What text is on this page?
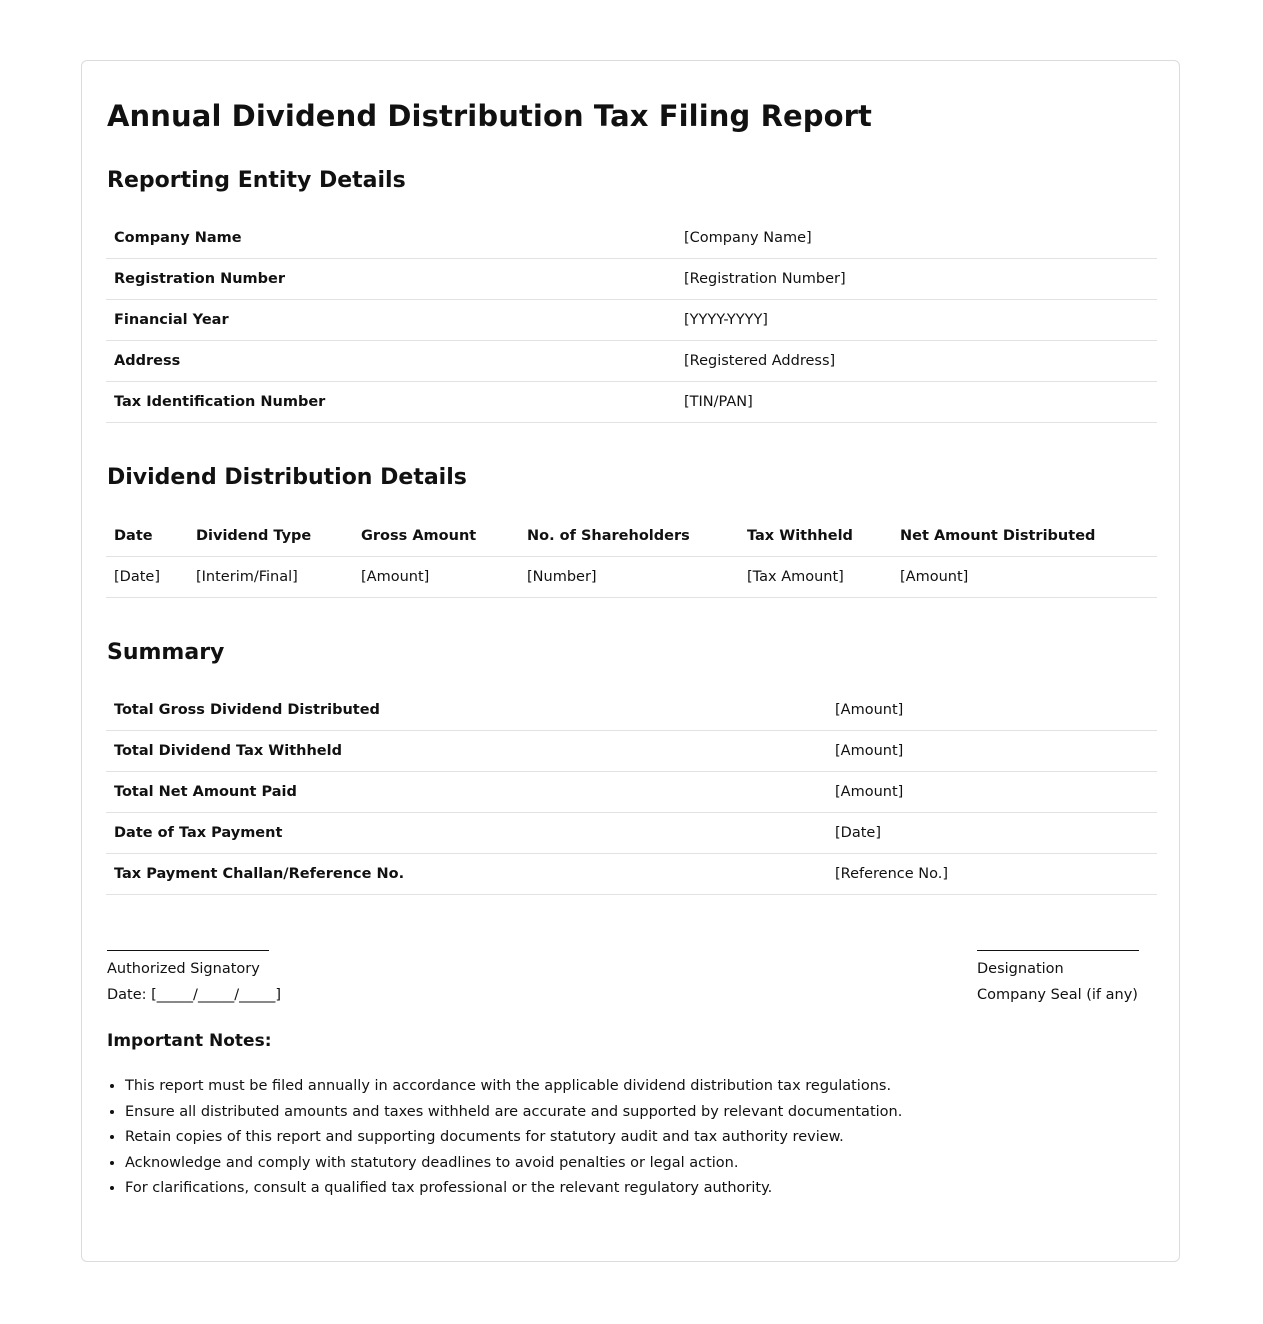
Annual Dividend Distribution Tax Filing Report
Reporting Entity Details
Company Name	[Company Name]
Registration Number	[Registration Number]
Financial Year	[YYYY-YYYY]
Address	[Registered Address]
Tax Identification Number	[TIN/PAN]
Dividend Distribution Details
Date	Dividend Type	Gross Amount	No. of Shareholders	Tax Withheld	Net Amount Distributed
[Date]	[Interim/Final]	[Amount]	[Number]	[Tax Amount]	[Amount]
Summary
Total Gross Dividend Distributed	[Amount]
Total Dividend Tax Withheld	[Amount]
Total Net Amount Paid	[Amount]
Date of Tax Payment	[Date]
Tax Payment Challan/Reference No.	[Reference No.]
Authorized Signatory
Date: [_____/_____/_____]
Designation
Company Seal (if any)
Important Notes:
• This report must be filed annually in accordance with the applicable dividend distribution tax regulations.
• Ensure all distributed amounts and taxes withheld are accurate and supported by relevant documentation.
• Retain copies of this report and supporting documents for statutory audit and tax authority review.
• Acknowledge and comply with statutory deadlines to avoid penalties or legal action.
• For clarifications, consult a qualified tax professional or the relevant regulatory authority.
